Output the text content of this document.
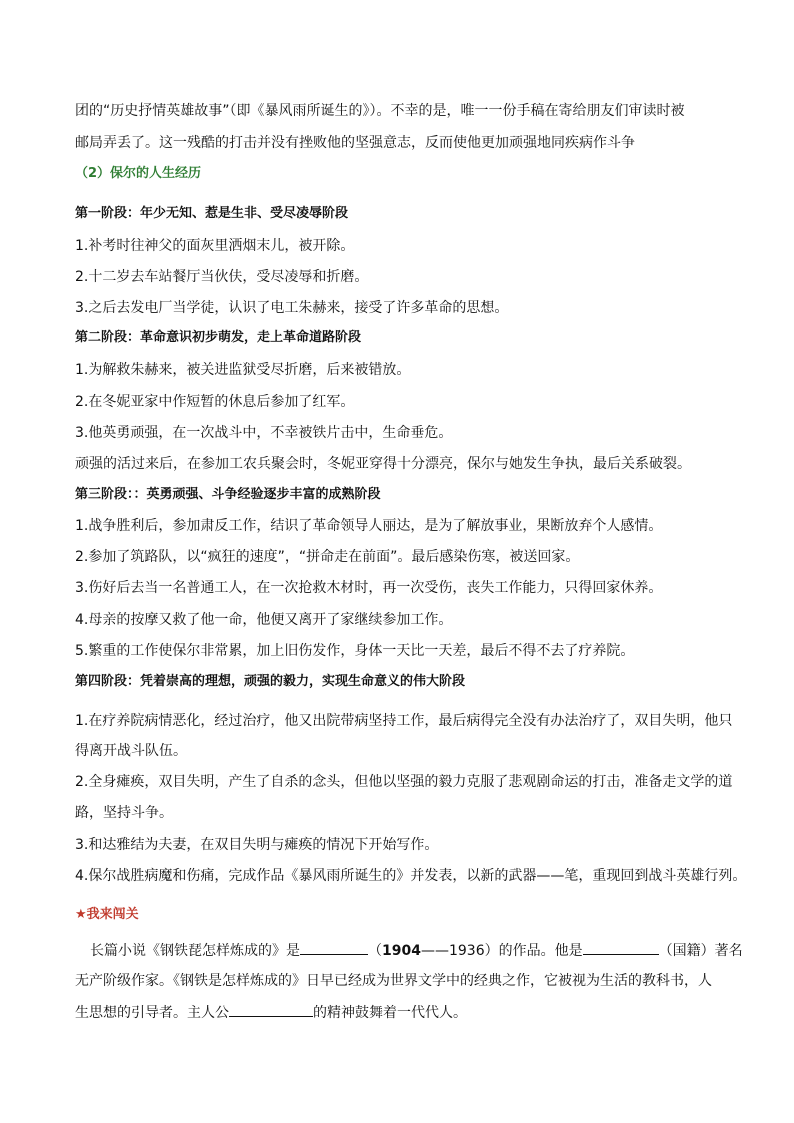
团的“历史抒情英雄故事”（即《暴风雨所诞生的》）。不幸的是，唯一一份手稿在寄给朋友们审读时被
邮局弄丢了。这一残酷的打击并没有挫败他的坚强意志，反而使他更加顽强地同疾病作斗争
（2）保尔的人生经历
第一阶段：年少无知、惹是生非、受尽凌辱阶段
1.补考时往神父的面灰里洒烟末儿，被开除。
2.十二岁去车站餐厅当伙伕，受尽凌辱和折磨。
3.之后去发电厂当学徒，认识了电工朱赫来，接受了许多革命的思想。
第二阶段：革命意识初步萌发，走上革命道路阶段
1.为解救朱赫来，被关进监狱受尽折磨，后来被错放。
2.在冬妮亚家中作短暂的休息后参加了红军。
3.他英勇顽强，在一次战斗中，不幸被铁片击中，生命垂危。
顽强的活过来后，在参加工农兵聚会时，冬妮亚穿得十分漂亮，保尔与她发生争执，最后关系破裂。
第三阶段：：英勇顽强、斗争经验逐步丰富的成熟阶段
1.战争胜利后，参加肃反工作，结识了革命领导人丽达，是为了解放事业，果断放弃个人感情。
2.参加了筑路队，以“疯狂的速度”，“拼命走在前面”。最后感染伤寒，被送回家。
3.伤好后去当一名普通工人，在一次抢救木材时，再一次受伤，丧失工作能力，只得回家休养。
4.母亲的按摩又救了他一命，他便又离开了家继续参加工作。
5.繁重的工作使保尔非常累，加上旧伤发作，身体一天比一天差，最后不得不去了疗养院。
第四阶段：凭着崇高的理想，顽强的毅力，实现生命意义的伟大阶段
1.在疗养院病情恶化，经过治疗，他又出院带病坚持工作，最后病得完全没有办法治疗了，双目失明，他只
得离开战斗队伍。
2.全身瘫痪，双目失明，产生了自杀的念头，但他以坚强的毅力克服了悲观剧命运的打击，准备走文学的道
路，坚持斗争。
3.和达雅结为夫妻，在双目失明与瘫痪的情况下开始写作。
4.保尔战胜病魔和伤痛，完成作品《暴风雨所诞生的》并发表，以新的武器——笔，重现回到战斗英雄行列。
★我来闯关
长篇小说《钢铁琵怎样炼成的》是	（1904——1936）的作品。他是	（国籍）著名
无产阶级作家。《钢铁是怎样炼成的》日早已经成为世界文学中的经典之作，它被视为生活的教科书，人
生思想的引导者。主人公	的精神鼓舞着一代代人。
